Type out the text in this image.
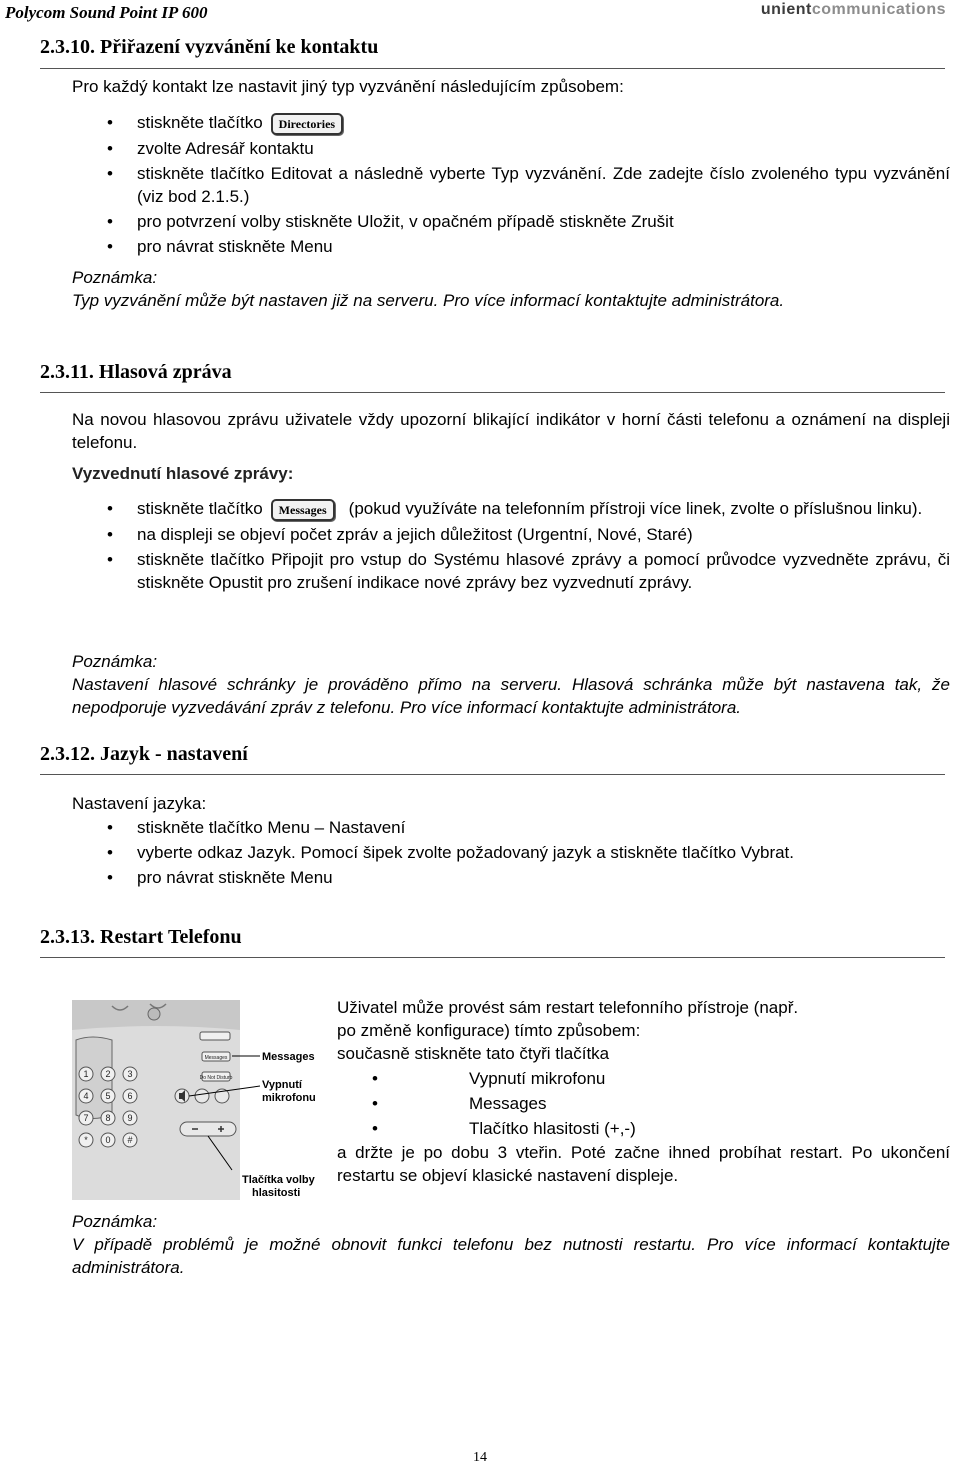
Polycom Sound Point IP 600	unientcommunications
2.3.10. Přiřazení vyzvánění ke kontaktu
Pro každý kontakt lze nastavit jiný typ vyzvánění následujícím způsobem:
• stiskněte tlačítko Directories
• zvolte Adresář kontaktu
• stiskněte tlačítko Editovat a následně vyberte Typ vyzvánění. Zde zadejte číslo zvoleného typu vyzvánění (viz bod 2.1.5.)
• pro potvrzení volby stiskněte Uložit, v opačném případě stiskněte Zrušit
• pro návrat stiskněte Menu
Poznámka:
Typ vyzvánění může být nastaven již na serveru. Pro více informací kontaktujte administrátora.
2.3.11. Hlasová zpráva
Na novou hlasovou zprávu uživatele vždy upozorní blikající indikátor v horní části telefonu a oznámení na displeji telefonu.
Vyzvednutí hlasové zprávy:
• stiskněte tlačítko Messages (pokud využíváte na telefonním přístroji více linek, zvolte o příslušnou linku).
• na displeji se objeví počet zpráv a jejich důležitost (Urgentní, Nové, Staré)
• stiskněte tlačítko Připojit pro vstup do Systému hlasové zprávy a pomocí průvodce vyzvedněte zprávu, či stiskněte Opustit pro zrušení indikace nové zprávy bez vyzvednutí zprávy.
Poznámka:
Nastavení hlasové schránky je prováděno přímo na serveru. Hlasová schránka může být nastavena tak, že nepodporuje vyzvedávání zpráv z telefonu. Pro více informací kontaktujte administrátora.
2.3.12. Jazyk - nastavení
Nastavení jazyka:
• stiskněte tlačítko Menu – Nastavení
• vyberte odkaz Jazyk. Pomocí šipek zvolte požadovaný jazyk a stiskněte tlačítko Vybrat.
• pro návrat stiskněte Menu
2.3.13. Restart Telefonu
1 2 3
4 5 6
7 8 9
* 0 #
Messages
Do Not Disturb
Messages
Vypnutí
mikrofonu
Tlačítka volby
hlasitosti
Uživatel může provést sám restart telefonního přístroje (např. po změně konfigurace) tímto způsobem:
současně stiskněte tato čtyři tlačítka
• Vypnutí mikrofonu
• Messages
• Tlačítko hlasitosti (+,-)
a držte je po dobu 3 vteřin. Poté začne ihned probíhat restart. Po ukončení restartu se objeví klasické nastavení displeje.
Poznámka:
V případě problémů je možné obnovit funkci telefonu bez nutnosti restartu. Pro více informací kontaktujte administrátora.
14
